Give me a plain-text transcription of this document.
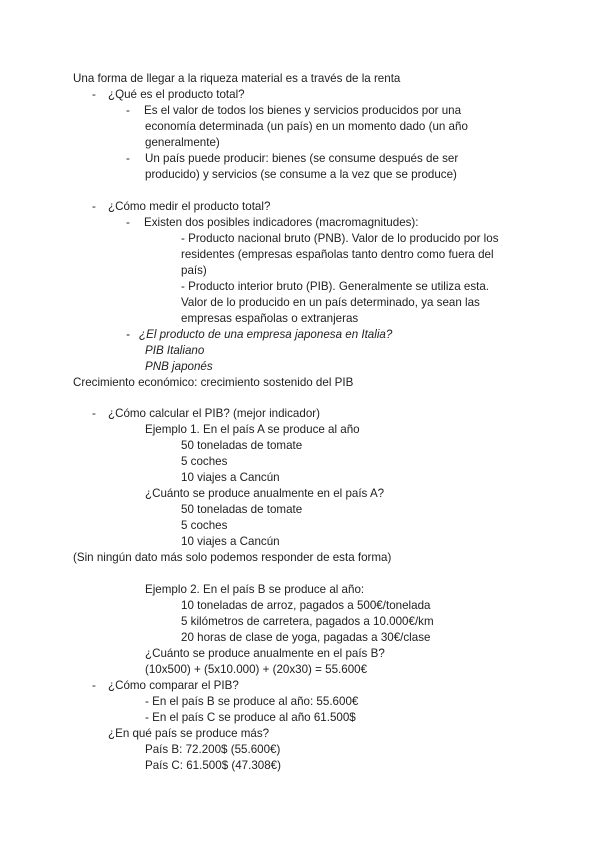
Una forma de llegar a la riqueza material es a través de la renta

- ¿Qué es el producto total?

- Es el valor de todos los bienes y servicios producidos por una

economía determinada (un país) en un momento dado (un año

generalmente)

- Un país puede producir: bienes (se consume después de ser

producido) y servicios (se consume a la vez que se produce)

- ¿Cómo medir el producto total?

- Existen dos posibles indicadores (macromagnitudes):

- Producto nacional bruto (PNB). Valor de lo producido por los

residentes (empresas españolas tanto dentro como fuera del

país)

- Producto interior bruto (PIB). Generalmente se utiliza esta.

Valor de lo producido en un país determinado, ya sean las

empresas españolas o extranjeras

- ¿El producto de una empresa japonesa en Italia?

PIB Italiano

PNB japonés

Crecimiento económico: crecimiento sostenido del PIB

- ¿Cómo calcular el PIB? (mejor indicador)

Ejemplo 1. En el país A se produce al año

50 toneladas de tomate

5 coches

10 viajes a Cancún

¿Cuánto se produce anualmente en el país A?

50 toneladas de tomate

5 coches

10 viajes a Cancún

(Sin ningún dato más solo podemos responder de esta forma)

Ejemplo 2. En el país B se produce al año:

10 toneladas de arroz, pagados a 500€/tonelada

5 kilómetros de carretera, pagados a 10.000€/km

20 horas de clase de yoga, pagadas a 30€/clase

¿Cuánto se produce anualmente en el país B?

(10x500) + (5x10.000) + (20x30) = 55.600€

- ¿Cómo comparar el PIB?

- En el país B se produce al año: 55.600€

- En el país C se produce al año 61.500$

¿En qué país se produce más?

País B: 72.200$ (55.600€)

País C: 61.500$ (47.308€)
